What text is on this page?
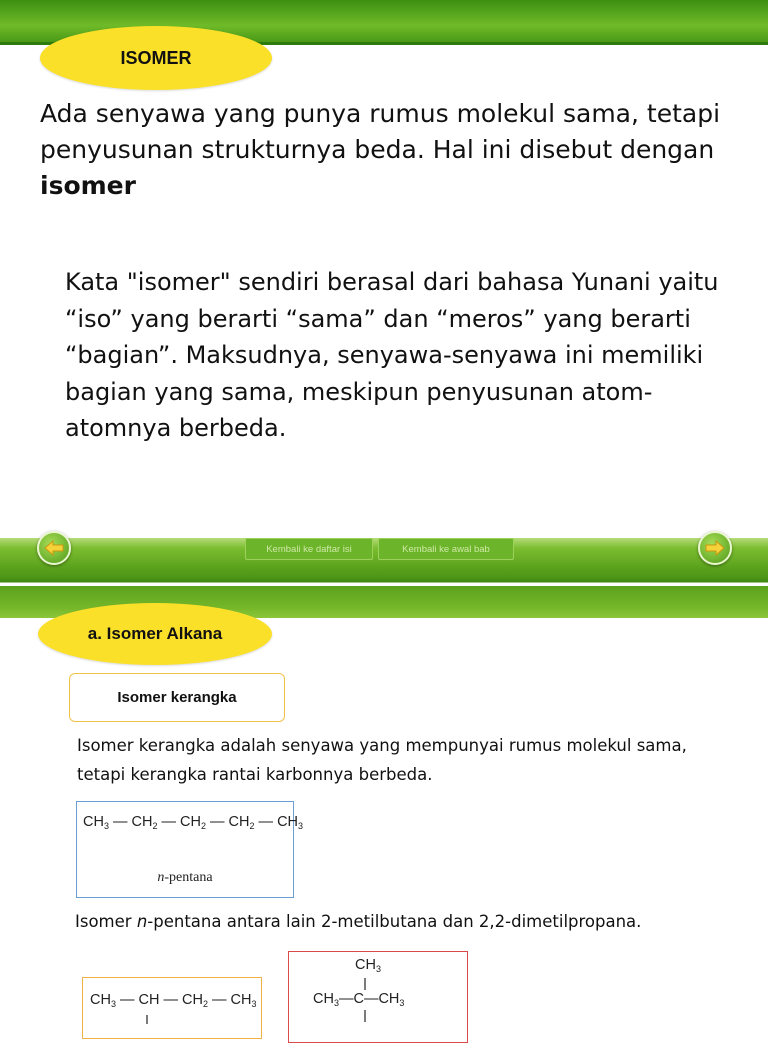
ISOMER
Ada senyawa yang punya rumus molekul sama, tetapi penyusunan strukturnya beda. Hal ini disebut dengan isomer
Kata "isomer" sendiri berasal dari bahasa Yunani yaitu “iso” yang berarti “sama” dan “meros” yang berarti “bagian”. Maksudnya, senyawa-senyawa ini memiliki bagian yang sama, meskipun penyusunan atom-atomnya berbeda.
Kembali ke daftar isi	Kembali ke awal bab
a. Isomer Alkana
Isomer kerangka
Isomer kerangka adalah senyawa yang mempunyai rumus molekul sama, tetapi kerangka rantai karbonnya berbeda.
$CH_3$ — $CH_2$ — $CH_2$ — $CH_2$ — $CH_3$
n-pentana
Isomer n-pentana antara lain 2-metilbutana dan 2,2-dimetilpropana.
$CH_3$ — CH — $CH_2$ — $CH_3$
$CH_3$
$CH_3—C—CH_3$
